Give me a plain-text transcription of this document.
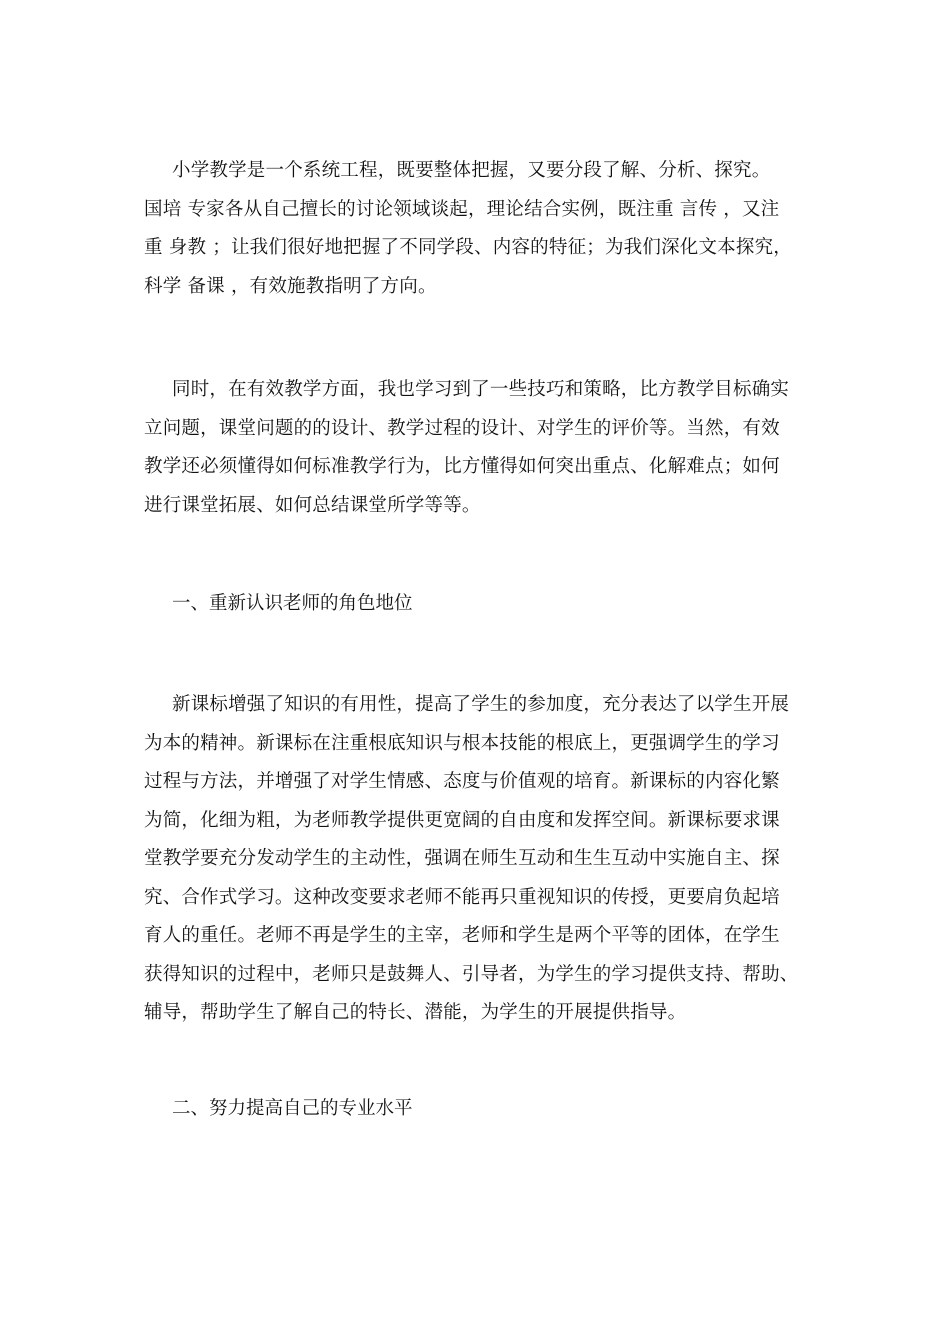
小学教学是一个系统工程，既要整体把握，又要分段了解、分析、探究。
国培 专家各从自己擅长的讨论领域谈起，理论结合实例，既注重 言传 ，又注
重 身教 ；让我们很好地把握了不同学段、内容的特征；为我们深化文本探究，
科学 备课 ，有效施教指明了方向。
同时，在有效教学方面，我也学习到了一些技巧和策略，比方教学目标确实
立问题，课堂问题的的设计、教学过程的设计、对学生的评价等。当然，有效
教学还必须懂得如何标准教学行为，比方懂得如何突出重点、化解难点；如何
进行课堂拓展、如何总结课堂所学等等。
一、重新认识老师的角色地位
新课标增强了知识的有用性，提高了学生的参加度，充分表达了以学生开展
为本的精神。新课标在注重根底知识与根本技能的根底上，更强调学生的学习
过程与方法，并增强了对学生情感、态度与价值观的培育。新课标的内容化繁
为简，化细为粗，为老师教学提供更宽阔的自由度和发挥空间。新课标要求课
堂教学要充分发动学生的主动性，强调在师生互动和生生互动中实施自主、探
究、合作式学习。这种改变要求老师不能再只重视知识的传授，更要肩负起培
育人的重任。老师不再是学生的主宰，老师和学生是两个平等的团体，在学生
获得知识的过程中，老师只是鼓舞人、引导者，为学生的学习提供支持、帮助、
辅导，帮助学生了解自己的特长、潜能，为学生的开展提供指导。
二、努力提高自己的专业水平
